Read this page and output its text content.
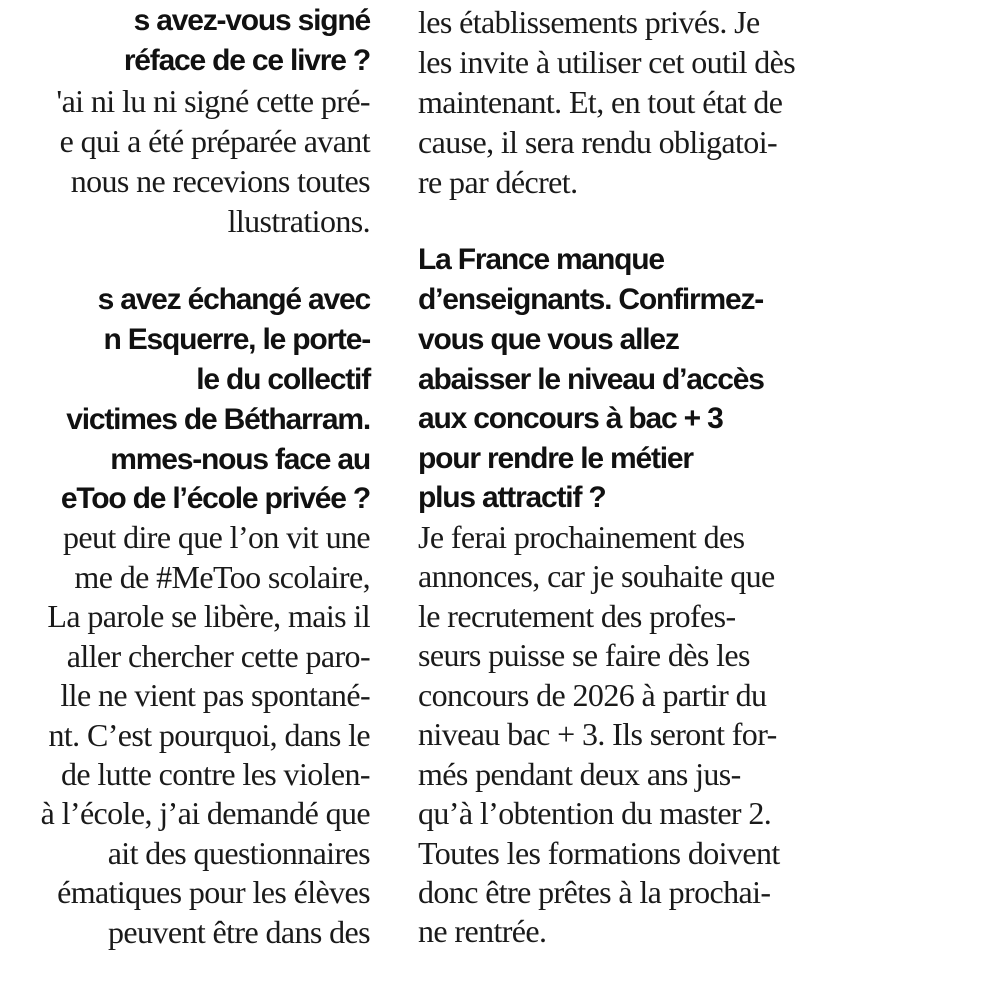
s avez-vous signé
réface de ce livre ?
'ai ni lu ni signé cette pré-
e qui a été préparée avant
nous ne recevions toutes
llustrations.
s avez échangé avec
n Esquerre, le porte-
le du collectif
victimes de Bétharram.
mmes-nous face au
eToo de l’école privée ?
peut dire que l’on vit une
me de #MeToo scolaire,
La parole se libère, mais il
aller chercher cette paro-
lle ne vient pas spontané-
nt. C’est pourquoi, dans le
de lutte contre les violen-
à l’école, j’ai demandé que
ait des questionnaires
ématiques pour les élèves
peuvent être dans des
les établissements privés. Je
les invite à utiliser cet outil dès
maintenant. Et, en tout état de
cause, il sera rendu obligatoi-
re par décret.
La France manque
d’enseignants. Confirmez-
vous que vous allez
abaisser le niveau d’accès
aux concours à bac + 3
pour rendre le métier
plus attractif ?
Je ferai prochainement des
annonces, car je souhaite que
le recrutement des profes-
seurs puisse se faire dès les
concours de 2026 à partir du
niveau bac + 3. Ils seront for-
més pendant deux ans jus-
qu’à l’obtention du master 2.
Toutes les formations doivent
donc être prêtes à la prochai-
ne rentrée.
